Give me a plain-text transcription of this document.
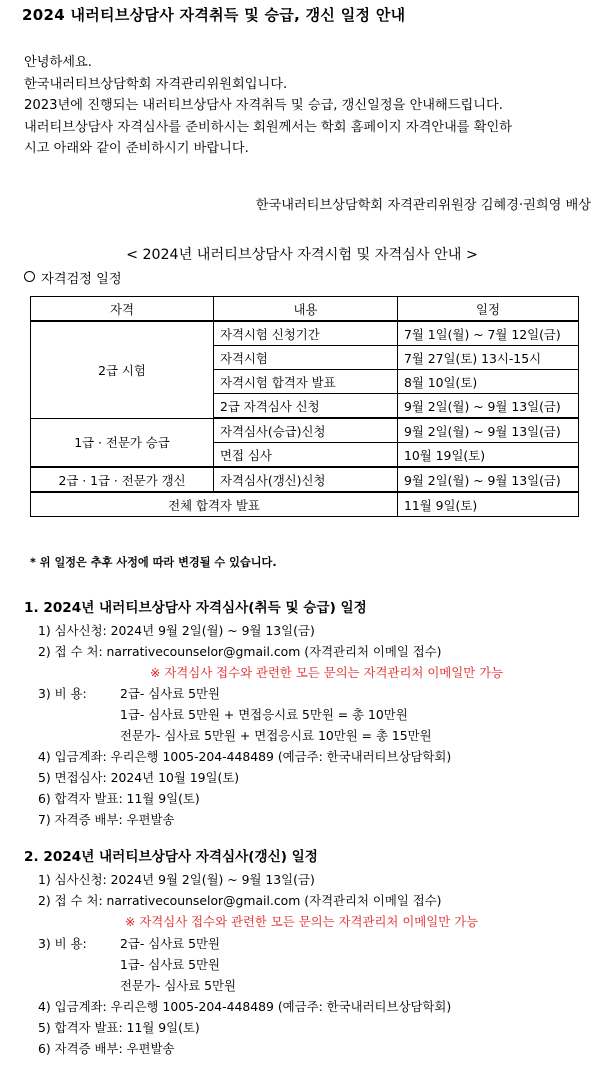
2024 내러티브상담사 자격취득 및 승급, 갱신 일정 안내

안녕하세요.

한국내러티브상담학회 자격관리위원회입니다.

2023년에 진행되는 내러티브상담사 자격취득 및 승급, 갱신일정을 안내해드립니다.

내러티브상담사 자격심사를 준비하시는 회원께서는 학회 홈페이지 자격안내를 확인하

시고 아래와 같이 준비하시기 바랍니다.

한국내러티브상담학회 자격관리위원장 김혜경·권희영 배상
< 2024년 내러티브상담사 자격시험 및 자격심사 안내 >
자격검정 일정
자격	내용	일정
2급 시험	자격시험 신청기간	7월 1일(월) ~ 7월 12일(금)
	자격시험	7월 27일(토) 13시-15시
	자격시험 합격자 발표	8월 10일(토)
	2급 자격심사 신청	9월 2일(월) ~ 9월 13일(금)
1급 · 전문가 승급	자격심사(승급)신청	9월 2일(월) ~ 9월 13일(금)
	면접 심사	10월 19일(토)
2급 · 1급 · 전문가 갱신	자격심사(갱신)신청	9월 2일(월) ~ 9월 13일(금)
전체 합격자 발표		11월 9일(토)
* 위 일정은 추후 사정에 따라 변경될 수 있습니다.
1. 2024년 내러티브상담사 자격심사(취득 및 승급) 일정
1) 심사신청: 2024년 9월 2일(월) ~ 9월 13일(금)
2) 접 수 처: narrativecounselor@gmail.com (자격관리처 이메일 접수)
※ 자격심사 접수와 관련한 모든 문의는 자격관리처 이메일만 가능
3) 비 용:	2급- 심사료 5만원
1급- 심사료 5만원 + 면접응시료 5만원 = 총 10만원
전문가- 심사료 5만원 + 면접응시료 10만원 = 총 15만원
4) 입금계좌: 우리은행 1005-204-448489 (예금주: 한국내러티브상담학회)
5) 면접심사: 2024년 10월 19일(토)
6) 합격자 발표: 11월 9일(토)
7) 자격증 배부: 우편발송
2. 2024년 내러티브상담사 자격심사(갱신) 일정
1) 심사신청: 2024년 9월 2일(월) ~ 9월 13일(금)
2) 접 수 처: narrativecounselor@gmail.com (자격관리처 이메일 접수)
※ 자격심사 접수와 관련한 모든 문의는 자격관리처 이메일만 가능
3) 비 용:	2급- 심사료 5만원
1급- 심사료 5만원
전문가- 심사료 5만원
4) 입금계좌: 우리은행 1005-204-448489 (예금주: 한국내러티브상담학회)
5) 합격자 발표: 11월 9일(토)
6) 자격증 배부: 우편발송
